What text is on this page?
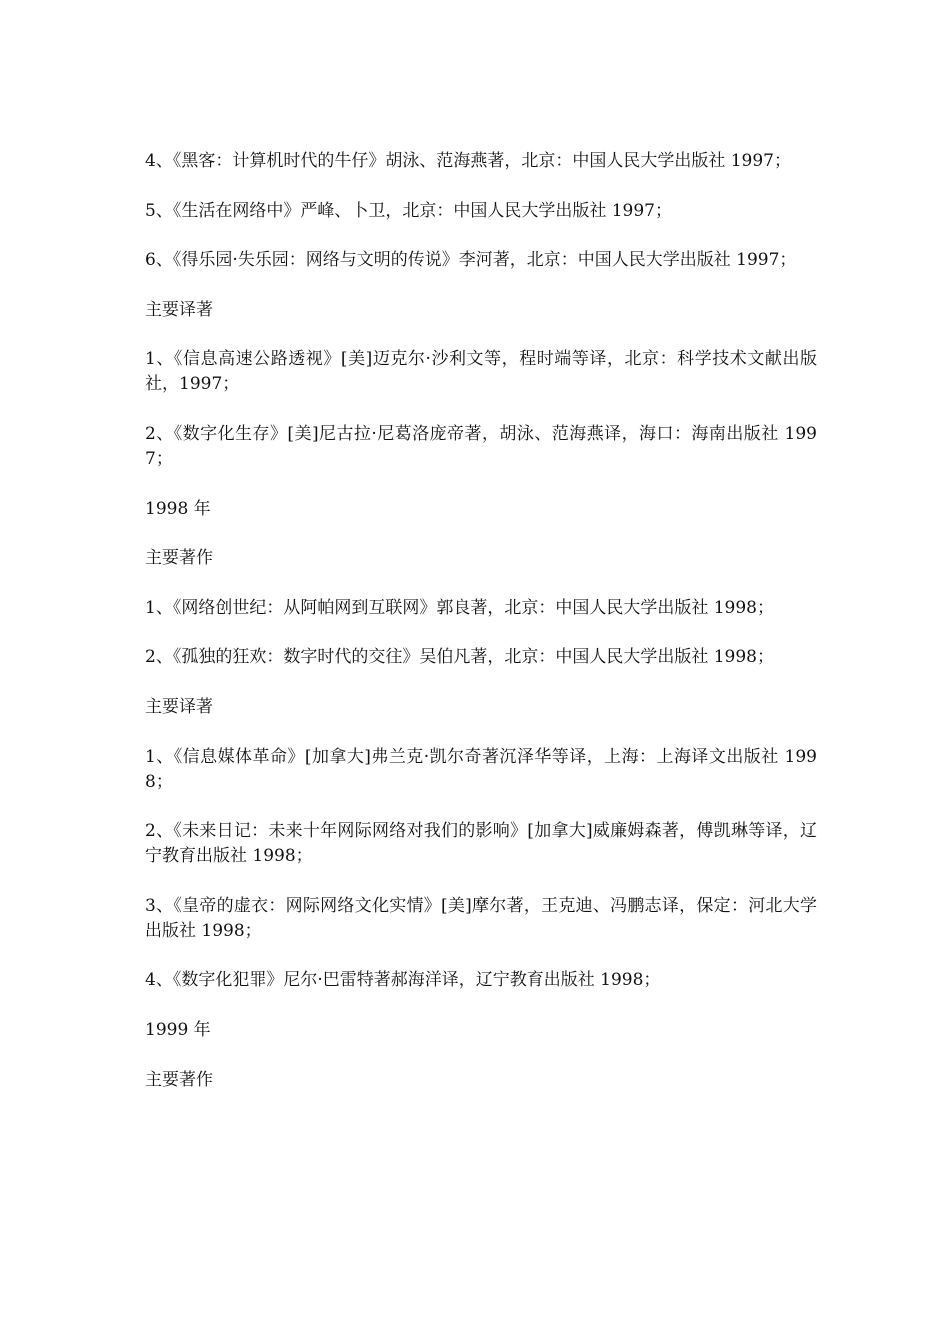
4、《黑客：计算机时代的牛仔》胡泳、范海燕著，北京：中国人民大学出版社 1997；

5、《生活在网络中》严峰、卜卫，北京：中国人民大学出版社 1997；

6、《得乐园·失乐园：网络与文明的传说》李河著，北京：中国人民大学出版社 1997；

主要译著

1、《信息高速公路透视》[美]迈克尔·沙利文等，程时端等译，北京：科学技术文献出版社，1997；

2、《数字化生存》[美]尼古拉·尼葛洛庞帝著，胡泳、范海燕译，海口：海南出版社 1997；

1998 年

主要著作

1、《网络创世纪：从阿帕网到互联网》郭良著，北京：中国人民大学出版社 1998；

2、《孤独的狂欢：数字时代的交往》吴伯凡著，北京：中国人民大学出版社 1998；

主要译著

1、《信息媒体革命》[加拿大]弗兰克·凯尔奇著沉泽华等译，上海：上海译文出版社 1998；

2、《未来日记：未来十年网际网络对我们的影响》[加拿大]威廉姆森著，傅凯琳等译，辽宁教育出版社 1998；

3、《皇帝的虚衣：网际网络文化实情》[美]摩尔著，王克迪、冯鹏志译，保定：河北大学出版社 1998；

4、《数字化犯罪》尼尔·巴雷特著郝海洋译，辽宁教育出版社 1998；

1999 年

主要著作
